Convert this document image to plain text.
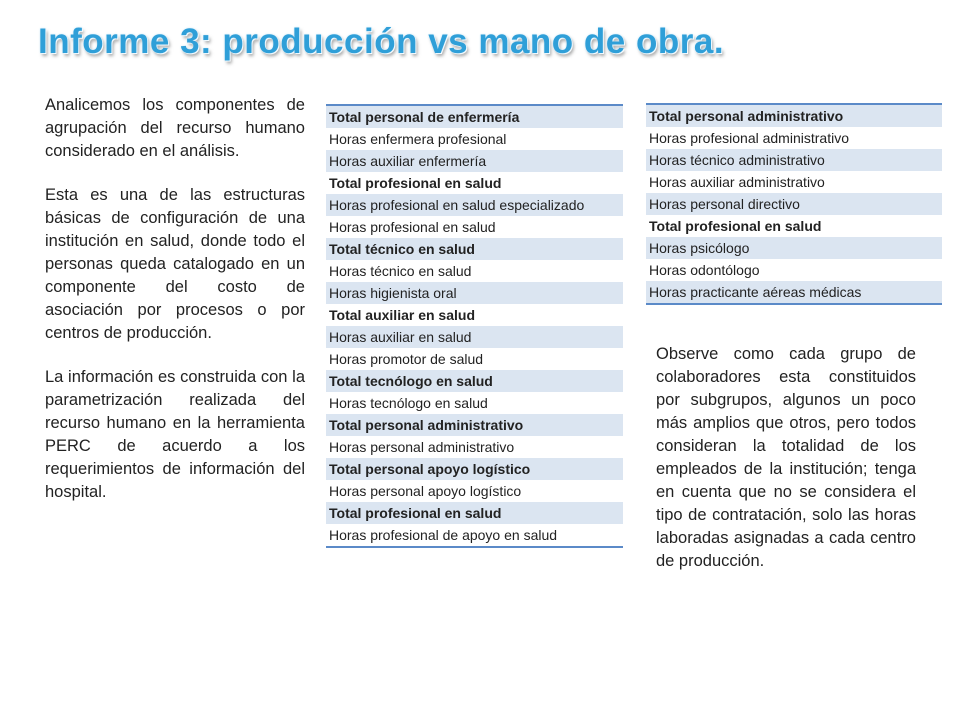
Informe 3: producción vs mano de obra.

Analicemos los componentes de agrupación del recurso humano considerado en el análisis.

Esta es una de las estructuras básicas de configuración de una institución en salud, donde todo el personas queda catalogado en un componente del costo de asociación por procesos o por centros de producción.

La información es construida con la parametrización realizada del recurso humano en la herramienta PERC de acuerdo a los requerimientos de información del hospital.

Total personal de enfermería
Horas enfermera profesional
Horas auxiliar enfermería
Total profesional en salud
Horas profesional en salud especializado
Horas profesional en salud
Total técnico en salud
Horas técnico en salud
Horas higienista oral
Total auxiliar en salud
Horas auxiliar en salud
Horas promotor de salud
Total tecnólogo en salud
Horas tecnólogo en salud
Total personal administrativo
Horas personal administrativo
Total personal apoyo logístico
Horas personal apoyo logístico
Total profesional en salud
Horas profesional de apoyo en salud
Total personal administrativo
Horas profesional administrativo
Horas técnico administrativo
Horas auxiliar administrativo
Horas personal directivo
Total profesional en salud
Horas psicólogo
Horas odontólogo
Horas practicante aéreas médicas

Observe como cada grupo de colaboradores esta constituidos por subgrupos, algunos un poco más amplios que otros, pero todos consideran la totalidad de los empleados de la institución; tenga en cuenta que no se considera el tipo de contratación, solo las horas laboradas asignadas a cada centro de producción.
